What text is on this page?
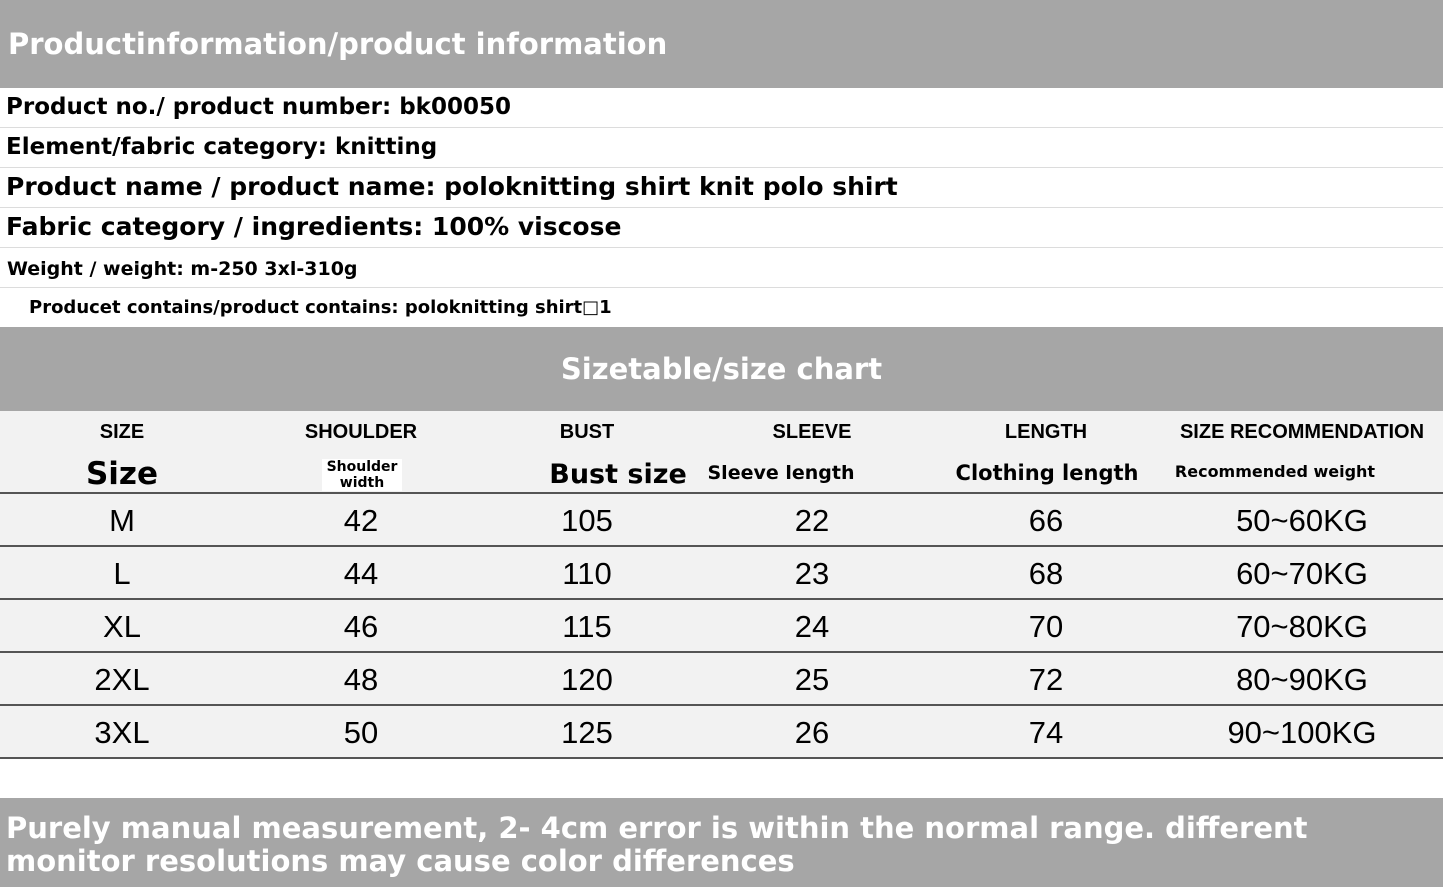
Productinformation/product information
Product no./ product number: bk00050
Element/fabric category: knitting
Product name / product name: poloknitting shirt knit polo shirt
Fabric category / ingredients: 100% viscose
Weight / weight: m-250 3xl-310g
Producet contains/product contains: poloknitting shirt□1
Sizetable/size chart
SIZE	SHOULDER	BUST	SLEEVE	LENGTH	SIZE RECOMMENDATION
Size	Shoulder width	Bust size	Sleeve length	Clothing length	Recommended weight
M	42	105	22	66	50~60KG
L	44	110	23	68	60~70KG
XL	46	115	24	70	70~80KG
2XL	48	120	25	72	80~90KG
3XL	50	125	26	74	90~100KG
Purely manual measurement, 2- 4cm error is within the normal range. different monitor resolutions may cause color differences
